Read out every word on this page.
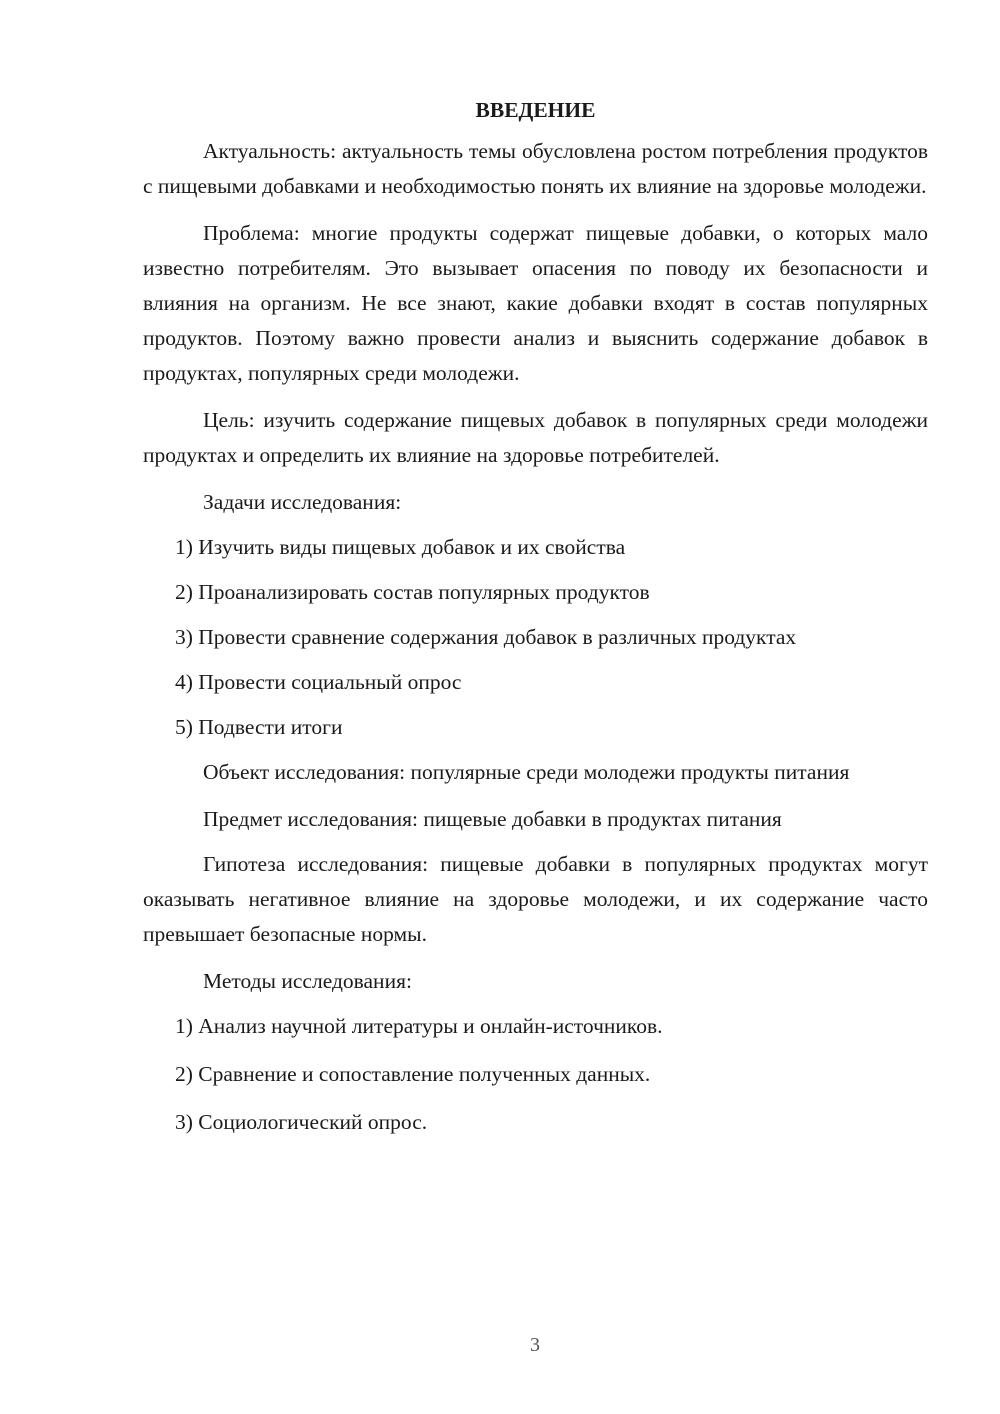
ВВЕДЕНИЕ

Актуальность: актуальность темы обусловлена ростом потребления продуктов с пищевыми добавками и необходимостью понять их влияние на здоровье молодежи.

Проблема: многие продукты содержат пищевые добавки, о которых мало известно потребителям. Это вызывает опасения по поводу их безопасности и влияния на организм. Не все знают, какие добавки входят в состав популярных продуктов. Поэтому важно провести анализ и выяснить содержание добавок в продуктах, популярных среди молодежи.

Цель: изучить содержание пищевых добавок в популярных среди молодежи продуктах и определить их влияние на здоровье потребителей.

Задачи исследования:

1) Изучить виды пищевых добавок и их свойства
2) Проанализировать состав популярных продуктов
3) Провести сравнение содержания добавок в различных продуктах
4) Провести социальный опрос
5) Подвести итоги

Объект исследования: популярные среди молодежи продукты питания

Предмет исследования: пищевые добавки в продуктах питания

Гипотеза исследования: пищевые добавки в популярных продуктах могут оказывать негативное влияние на здоровье молодежи, и их содержание часто превышает безопасные нормы.

Методы исследования:

1) Анализ научной литературы и онлайн-источников.
2) Сравнение и сопоставление полученных данных.
3) Социологический опрос.
3
